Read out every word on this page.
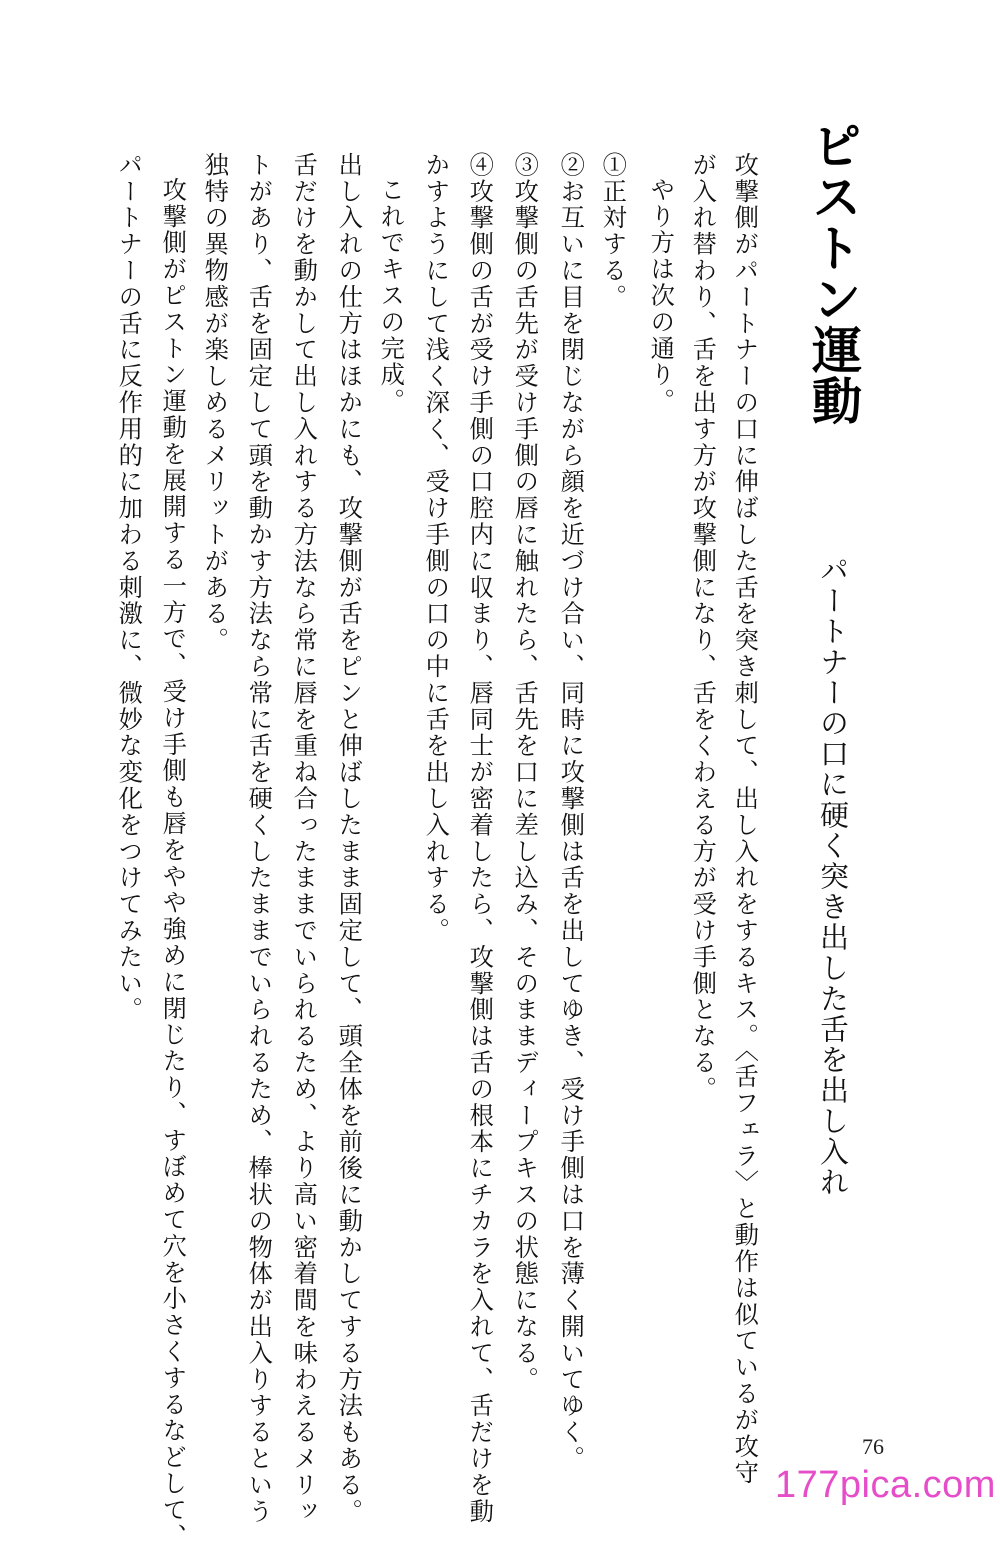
ピストン運動
パートナーの口に硬く突き出した舌を出し入れ
攻撃側がパートナーの口に伸ばした舌を突き刺して、出し入れをするキス。〈舌フェラ〉と動作は似ているが攻守
が入れ替わり、舌を出す方が攻撃側になり、舌をくわえる方が受け手側となる。
やり方は次の通り。
①正対する。
②お互いに目を閉じながら顔を近づけ合い、同時に攻撃側は舌を出してゆき、受け手側は口を薄く開いてゆく。
③攻撃側の舌先が受け手側の唇に触れたら、舌先を口に差し込み、そのままディープキスの状態になる。
④攻撃側の舌が受け手側の口腔内に収まり、唇同士が密着したら、攻撃側は舌の根本にチカラを入れて、舌だけを動
かすようにして浅く深く、受け手側の口の中に舌を出し入れする。
これでキスの完成。
出し入れの仕方はほかにも、攻撃側が舌をピンと伸ばしたまま固定して、頭全体を前後に動かしてする方法もある。
舌だけを動かして出し入れする方法なら常に唇を重ね合ったままでいられるため、より高い密着間を味わえるメリッ
トがあり、舌を固定して頭を動かす方法なら常に舌を硬くしたままでいられるため、棒状の物体が出入りするという
独特の異物感が楽しめるメリットがある。
攻撃側がピストン運動を展開する一方で、受け手側も唇をやや強めに閉じたり、すぼめて穴を小さくするなどして、
パートナーの舌に反作用的に加わる刺激に、微妙な変化をつけてみたい。
76
177pica.com
